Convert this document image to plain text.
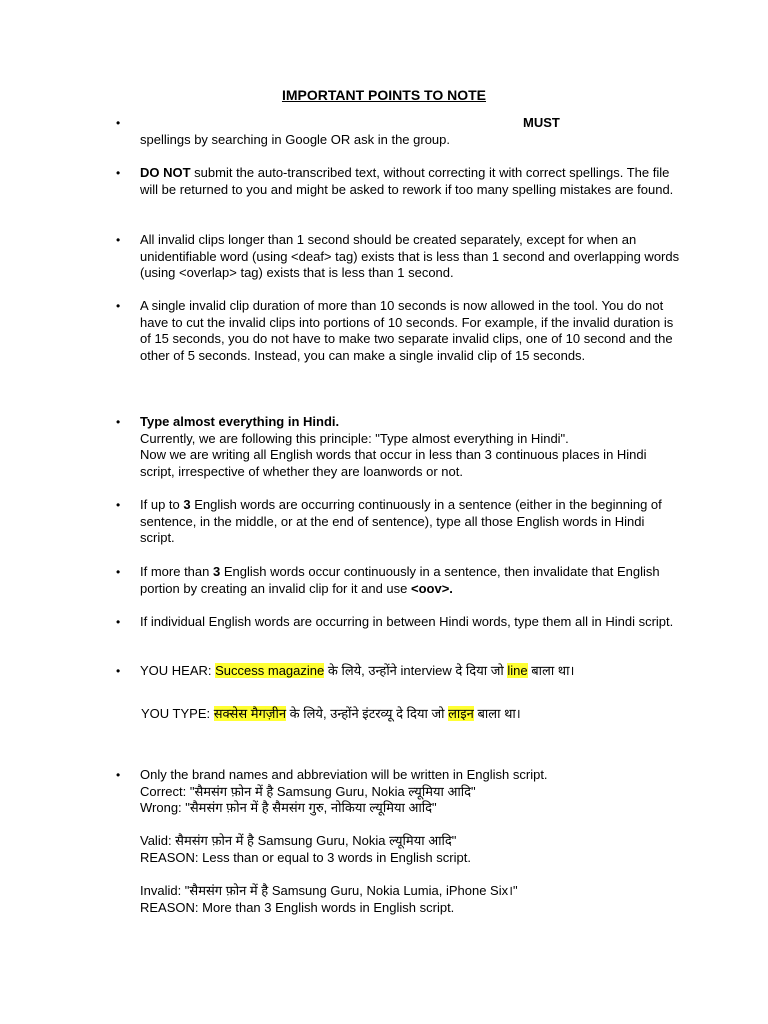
IMPORTANT POINTS TO NOTE
•	MUST

spellings by searching in Google OR ask in the group.

• DO NOT submit the auto-transcribed text, without correcting it with correct spellings. The file will be returned to you and might be asked to rework if too many spelling mistakes are found.

• All invalid clips longer than 1 second should be created separately, except for when an unidentifiable word (using <deaf> tag) exists that is less than 1 second and overlapping words (using <overlap> tag) exists that is less than 1 second.

• A single invalid clip duration of more than 10 seconds is now allowed in the tool. You do not have to cut the invalid clips into portions of 10 seconds. For example, if the invalid duration is of 15 seconds, you do not have to make two separate invalid clips, one of 10 second and the other of 5 seconds. Instead, you can make a single invalid clip of 15 seconds.

• Type almost everything in Hindi.

Currently, we are following this principle: "Type almost everything in Hindi".

Now we are writing all English words that occur in less than 3 continuous places in Hindi script, irrespective of whether they are loanwords or not.

• If up to 3 English words are occurring continuously in a sentence (either in the beginning of sentence, in the middle, or at the end of sentence), type all those English words in Hindi script.

• If more than 3 English words occur continuously in a sentence, then invalidate that English portion by creating an invalid clip for it and use <oov>.

• If individual English words are occurring in between Hindi words, type them all in Hindi script.

• YOU HEAR: Success magazine के लिये, उन्होंने interview दे दिया जो line बाला था।

YOU TYPE: सक्सेस मैगज़ीन के लिये, उन्होंने इंटरव्यू दे दिया जो लाइन बाला था।

• Only the brand names and abbreviation will be written in English script.

Correct: "सैमसंग फ़ोन में है Samsung Guru, Nokia ल्यूमिया आदि"

Wrong: "सैमसंग फ़ोन में है सैमसंग गुरु, नोकिया ल्यूमिया आदि"

Valid: सैमसंग फ़ोन में है Samsung Guru, Nokia ल्यूमिया आदि"

REASON: Less than or equal to 3 words in English script.

Invalid: "सैमसंग फ़ोन में है Samsung Guru, Nokia Lumia, iPhone Six।"

REASON: More than 3 English words in English script.
